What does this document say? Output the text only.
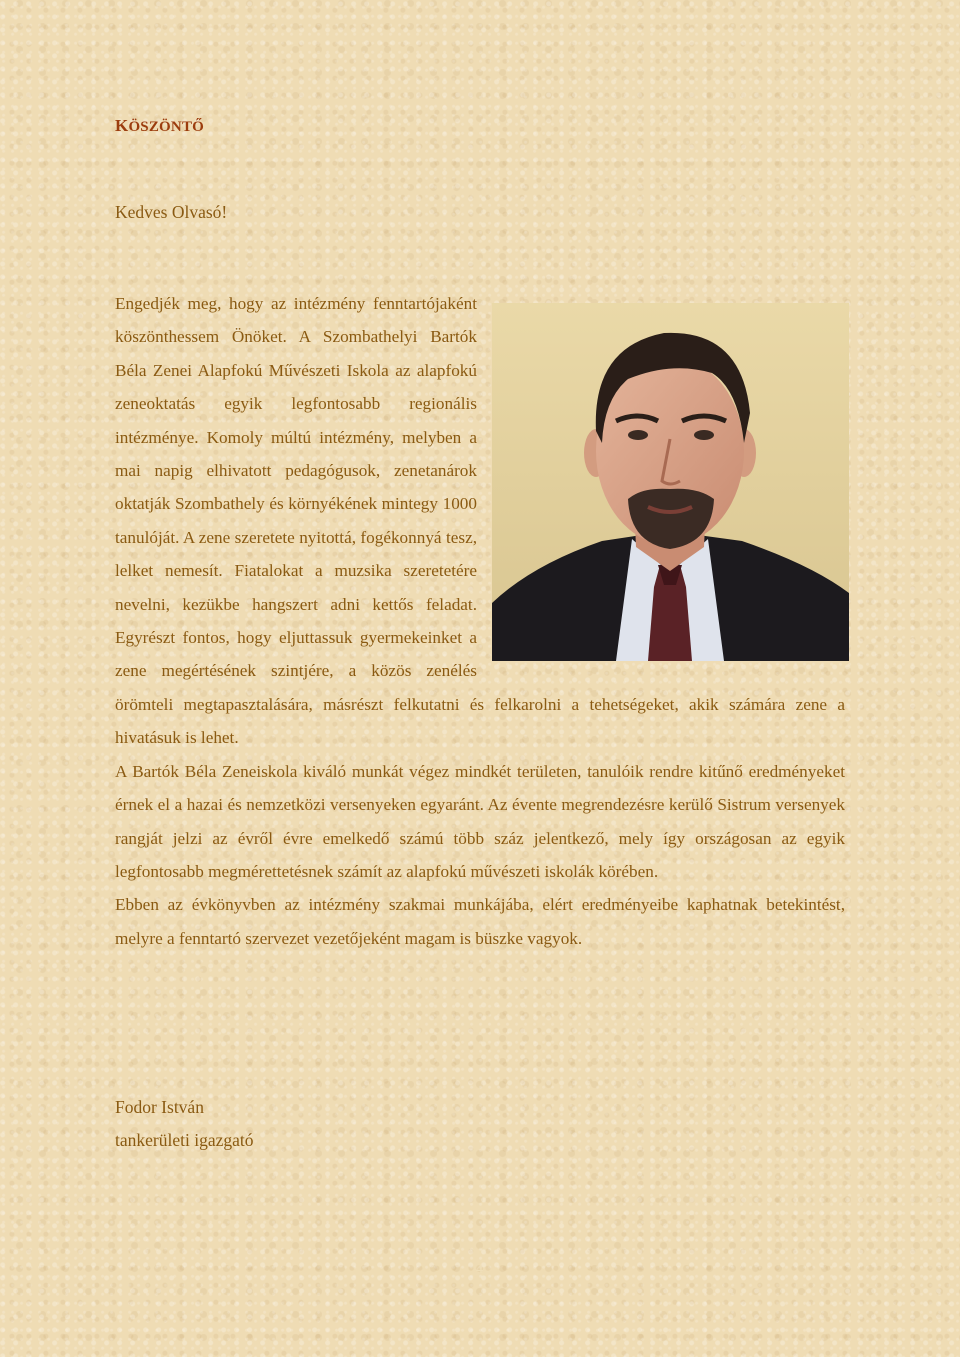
KÖSZÖNTŐ
Kedves Olvasó!

Engedjék meg, hogy az intézmény fenntartójaként köszönthessem Önöket. A Szombathelyi Bartók Béla Zenei Alapfokú Művészeti Iskola az alapfokú zeneoktatás egyik legfontosabb regionális intézménye. Komoly múltú intézmény, melyben a mai napig elhivatott pedagógusok, zenetanárok oktatják Szombathely és környékének mintegy 1000 tanulóját. A zene szeretete nyitottá, fogékonnyá tesz, lelket nemesít. Fiatalokat a muzsika szeretetére nevelni, kezükbe hangszert adni kettős feladat. Egyrészt fontos, hogy eljuttassuk gyermekeinket a zene megértésének szintjére, a közös zenélés örömteli megtapasztalására, másrészt felkutatni és felkarolni a tehetségeket, akik számára zene a hivatásuk is lehet.

A Bartók Béla Zeneiskola kiváló munkát végez mindkét területen, tanulóik rendre kitűnő eredményeket érnek el a hazai és nemzetközi versenyeken egyaránt. Az évente megrendezésre kerülő Sistrum versenyek rangját jelzi az évről évre emelkedő számú több száz jelentkező, mely így országosan az egyik legfontosabb megmérettetésnek számít az alapfokú művészeti iskolák körében.

Ebben az évkönyvben az intézmény szakmai munkájába, elért eredményeibe kaphatnak betekintést, melyre a fenntartó szervezet vezetőjeként magam is büszke vagyok.

Fodor István
tankerületi igazgató
4
